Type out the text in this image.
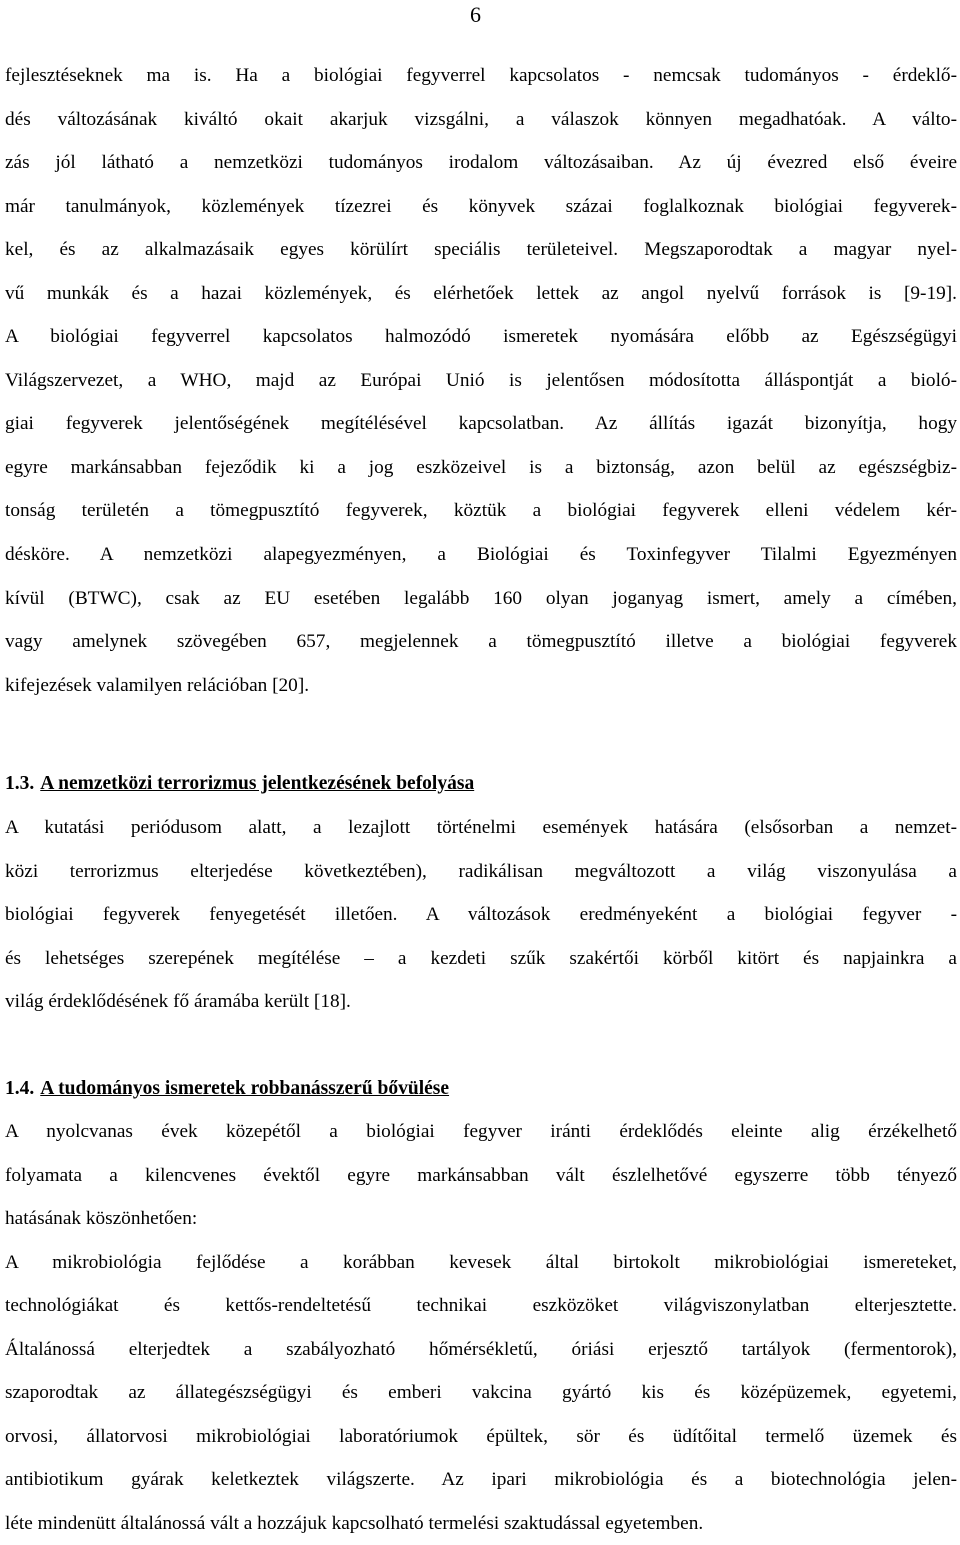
6
fejlesztéseknek ma is. Ha a biológiai fegyverrel kapcsolatos - nemcsak tudományos - érdeklő-
dés változásának kiváltó okait akarjuk vizsgálni, a válaszok könnyen megadhatóak. A válto-
zás jól látható a nemzetközi tudományos irodalom változásaiban. Az új évezred első éveire
már tanulmányok, közlemények tízezrei és könyvek százai foglalkoznak biológiai fegyverek-
kel, és az alkalmazásaik egyes körülírt speciális területeivel. Megszaporodtak a magyar nyel-
vű munkák és a hazai közlemények, és elérhetőek lettek az angol nyelvű források is [9-19].
A biológiai fegyverrel kapcsolatos halmozódó ismeretek nyomására előbb az Egészségügyi
Világszervezet, a WHO, majd az Európai Unió is jelentősen módosította álláspontját a bioló-
giai fegyverek jelentőségének megítélésével kapcsolatban. Az állítás igazát bizonyítja, hogy
egyre markánsabban fejeződik ki a jog eszközeivel is a biztonság, azon belül az egészségbiz-
tonság területén a tömegpusztító fegyverek, köztük a biológiai fegyverek elleni védelem kér-
désköre. A nemzetközi alapegyezményen, a Biológiai és Toxinfegyver Tilalmi Egyezményen
kívül (BTWC), csak az EU esetében legalább 160 olyan joganyag ismert, amely a címében,
vagy amelynek szövegében 657, megjelennek a tömegpusztító illetve a biológiai fegyverek
kifejezések valamilyen relációban [20].
1.3. A nemzetközi terrorizmus jelentkezésének befolyása
A kutatási periódusom alatt, a lezajlott történelmi események hatására (elsősorban a nemzet-
közi terrorizmus elterjedése következtében), radikálisan megváltozott a világ viszonyulása a
biológiai fegyverek fenyegetését illetően. A változások eredményeként a biológiai fegyver -
és lehetséges szerepének megítélése – a kezdeti szűk szakértői körből kitört és napjainkra a
világ érdeklődésének fő áramába került [18].
1.4. A tudományos ismeretek robbanásszerű bővülése
A nyolcvanas évek közepétől a biológiai fegyver iránti érdeklődés eleinte alig érzékelhető
folyamata a kilencvenes évektől egyre markánsabban vált észlelhetővé egyszerre több tényező
hatásának köszönhetően:
A mikrobiológia fejlődése a korábban kevesek által birtokolt mikrobiológiai ismereteket,
technológiákat és kettős-rendeltetésű technikai eszközöket világviszonylatban elterjesztette.
Általánossá elterjedtek a szabályozható hőmérsékletű, óriási erjesztő tartályok (fermentorok),
szaporodtak az állategészségügyi és emberi vakcina gyártó kis és középüzemek, egyetemi,
orvosi, állatorvosi mikrobiológiai laboratóriumok épültek, sör és üdítőital termelő üzemek és
antibiotikum gyárak keletkeztek világszerte. Az ipari mikrobiológia és a biotechnológia jelen-
léte mindenütt általánossá vált a hozzájuk kapcsolható termelési szaktudással egyetemben.
